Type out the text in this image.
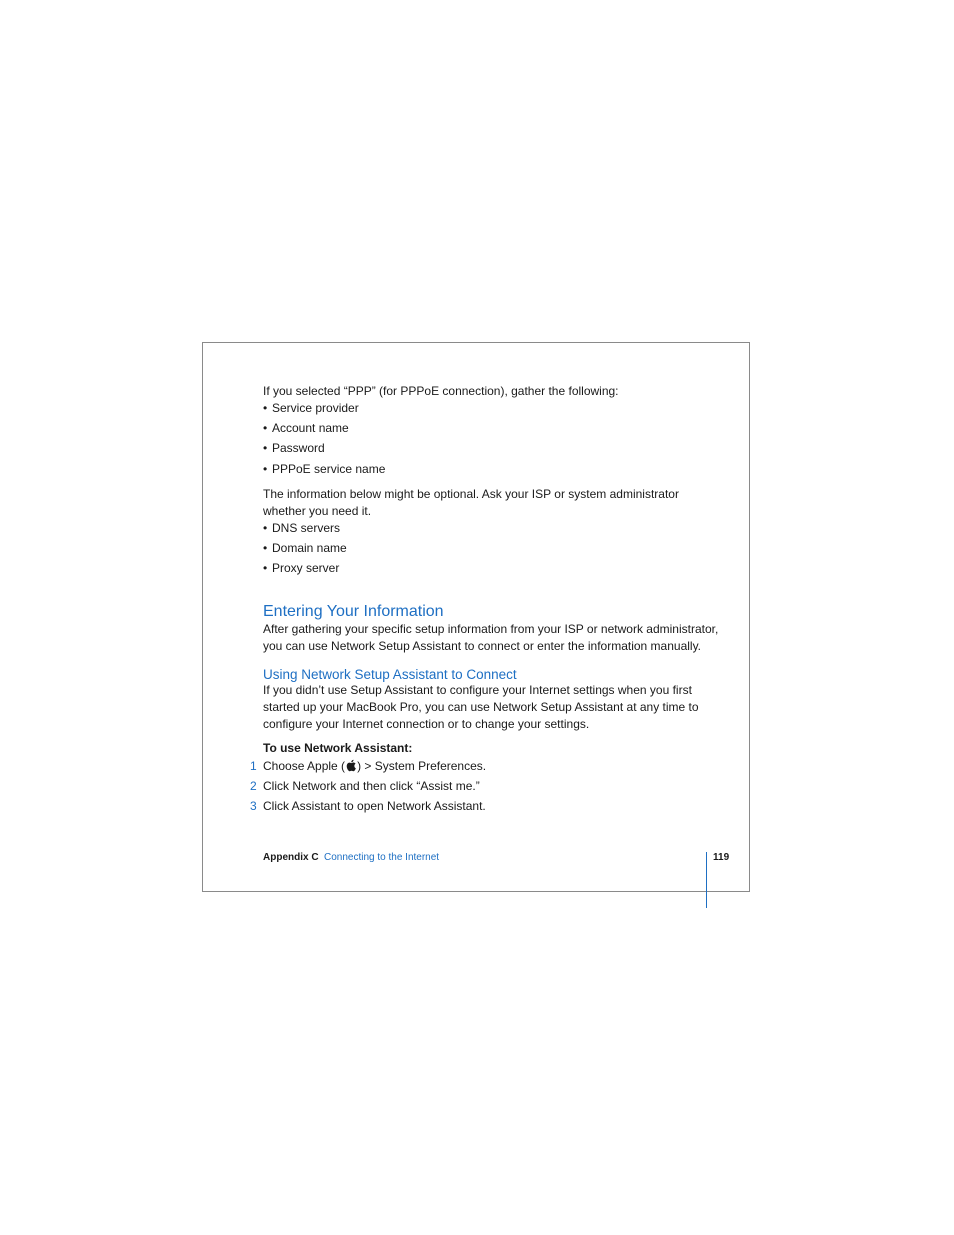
If you selected “PPP” (for PPPoE connection), gather the following:
• Service provider
• Account name
• Password
• PPPoE service name
The information below might be optional. Ask your ISP or system administrator
whether you need it.
• DNS servers
• Domain name
• Proxy server
Entering Your Information
After gathering your specific setup information from your ISP or network administrator,
you can use Network Setup Assistant to connect or enter the information manually.
Using Network Setup Assistant to Connect
If you didn’t use Setup Assistant to configure your Internet settings when you first
started up your MacBook Pro, you can use Network Setup Assistant at any time to
configure your Internet connection or to change your settings.
To use Network Assistant:
1 Choose Apple ( ) > System Preferences.
2 Click Network and then click “Assist me.”
3 Click Assistant to open Network Assistant.
Appendix C Connecting to the Internet	119
